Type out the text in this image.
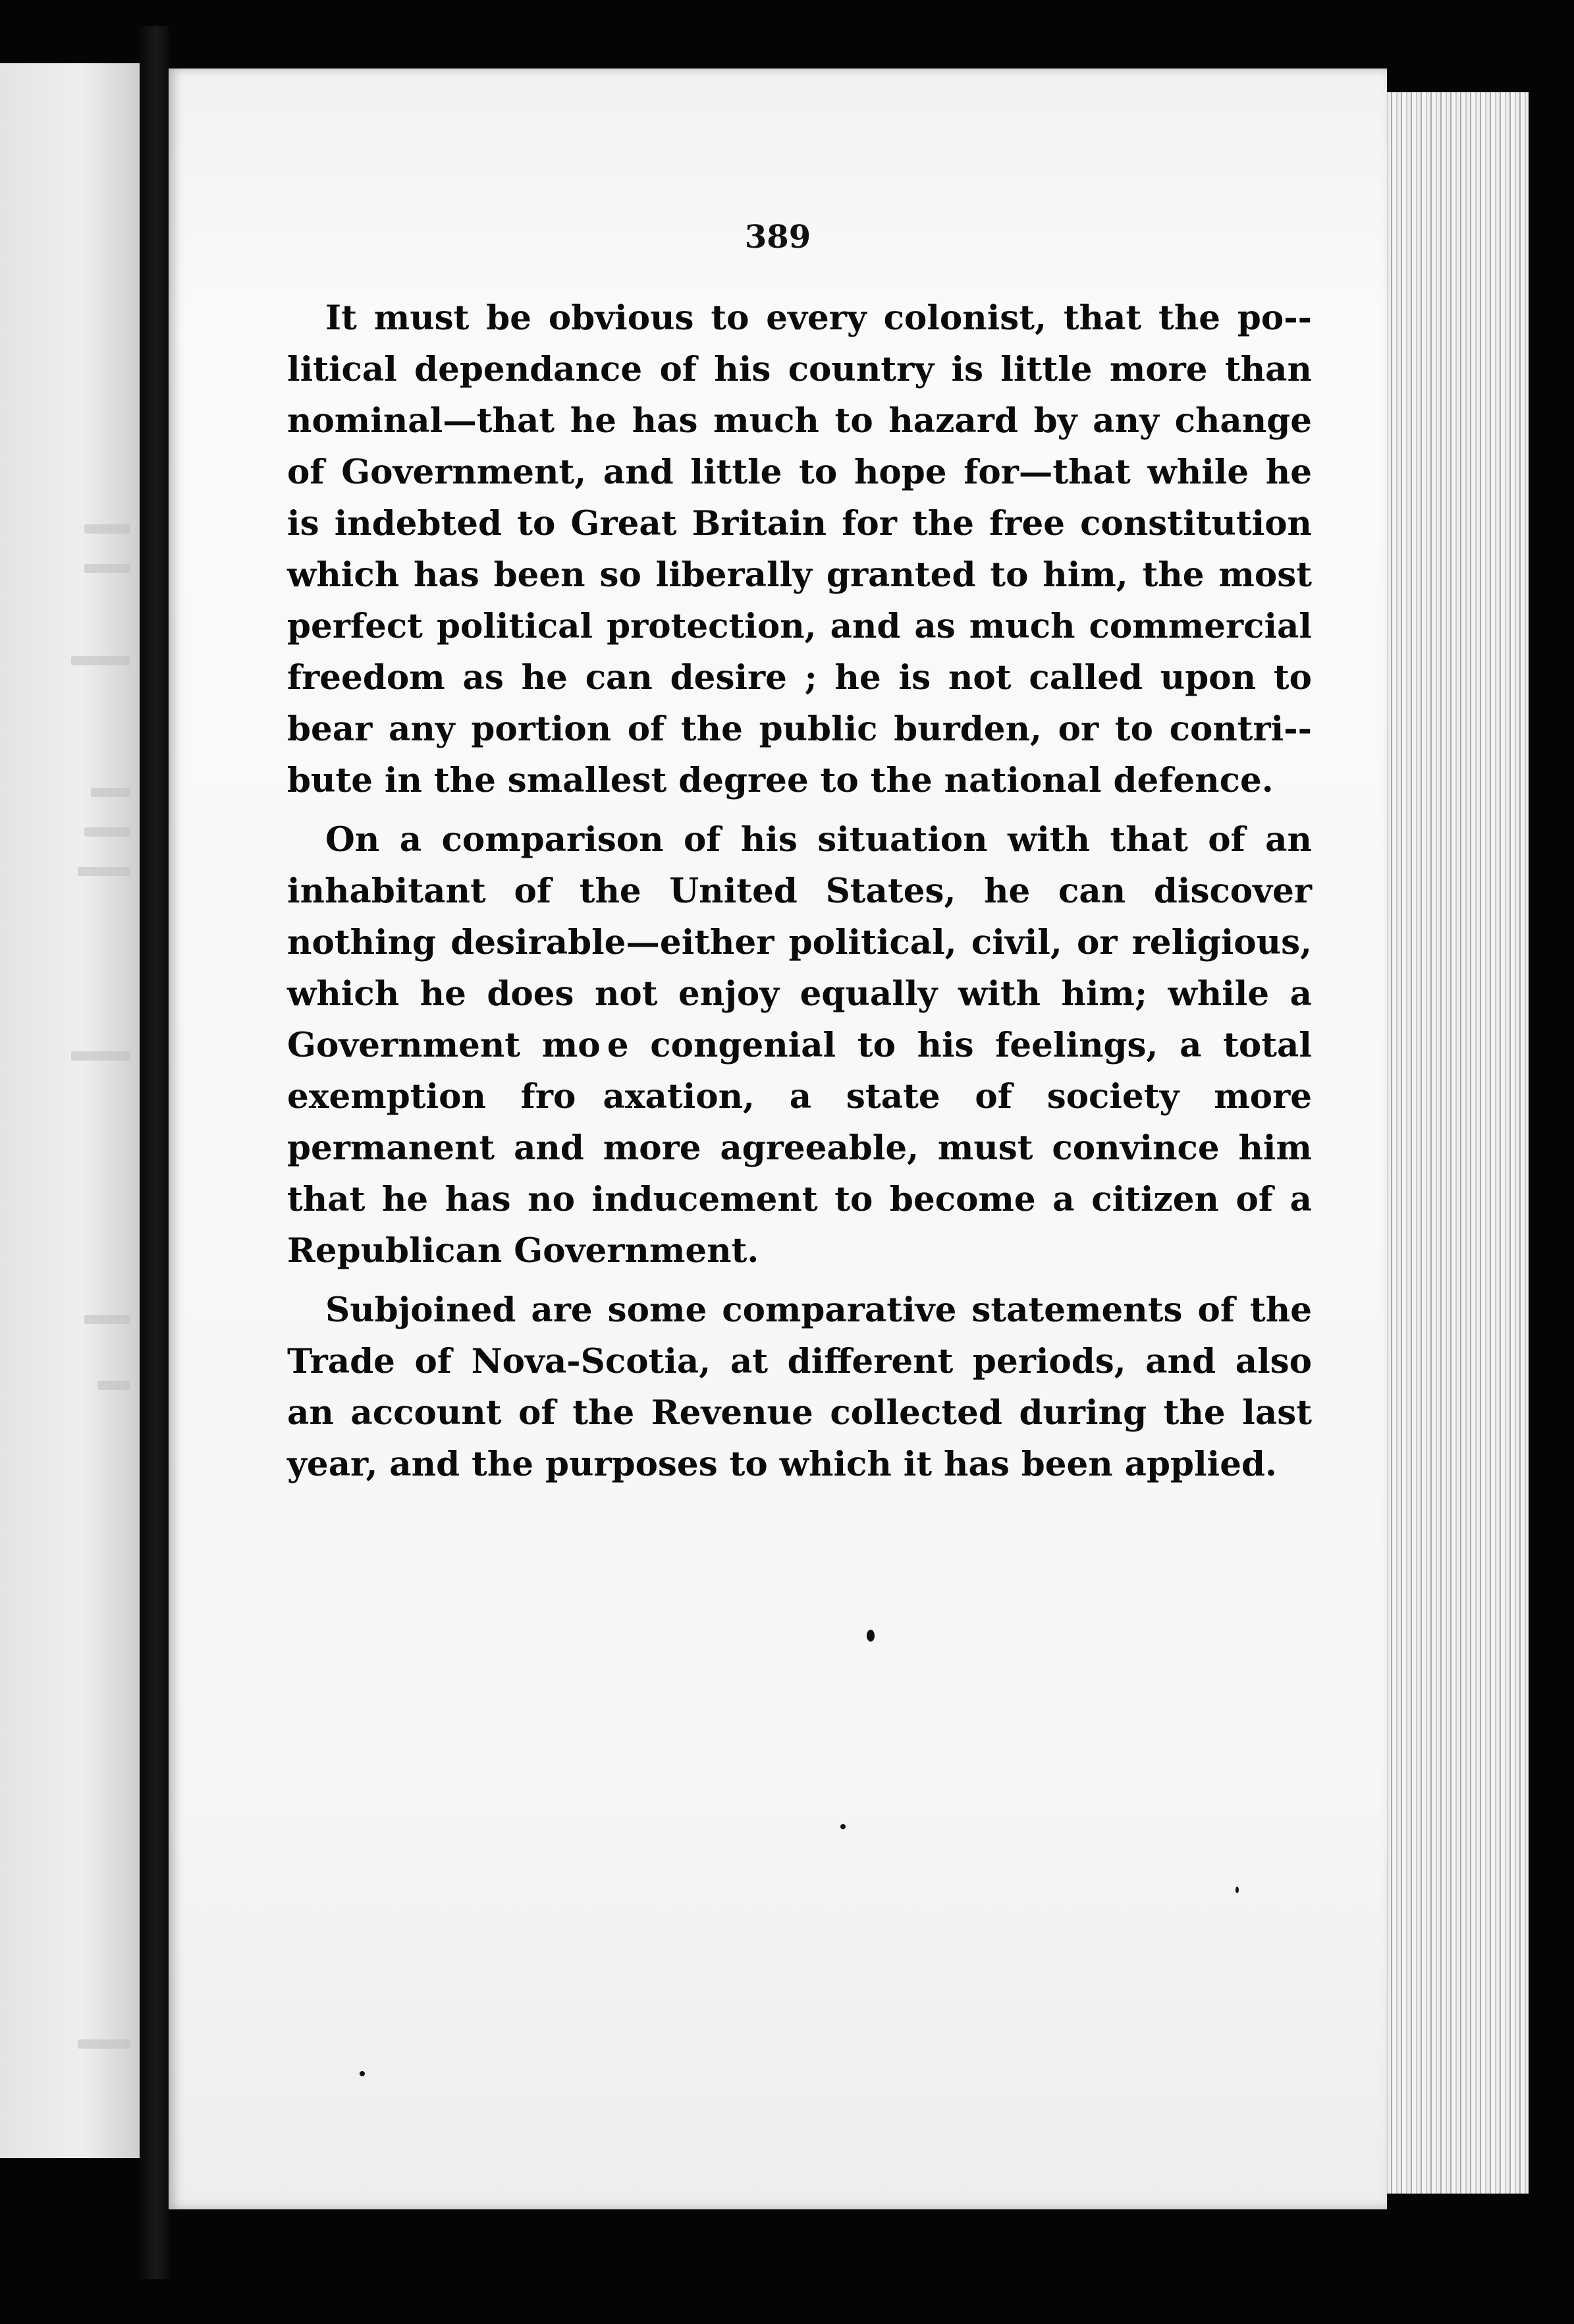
389

It must be obvious to every colonist, that the po-litical dependance of his country is little more than nominal—that he has much to hazard by any change of Government, and little to hope for—that while he is indebted to Great Britain for the free constitution which has been so liberally granted to him, the most perfect political protection, and as much commercial freedom as he can desire ; he is not called upon to bear any portion of the public burden, or to contri-bute in the smallest degree to the national defence.

On a comparison of his situation with that of an inhabitant of the United States, he can discover nothing desirable—either political, civil, or religious, which he does not enjoy equally with him; while a Government mo e congenial to his feelings, a total exemption fro    axation, a state of society more permanent and more agreeable, must convince him that he has no inducement to become a citizen of a Republican Government.

Subjoined are some comparative statements of the Trade of Nova-Scotia, at different periods, and also an account of the Revenue collected during the last year, and the purposes to which it has been applied.
